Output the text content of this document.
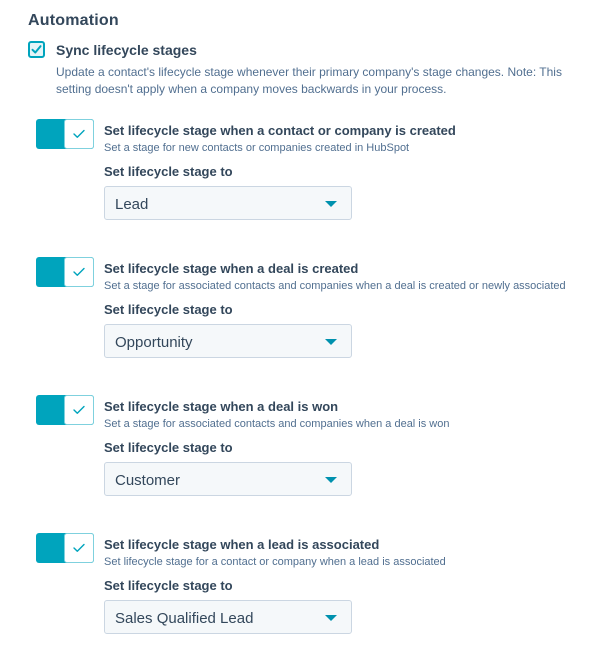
Automation
Sync lifecycle stages
Update a contact's lifecycle stage whenever their primary company's stage changes. Note: This setting doesn't apply when a company moves backwards in your process.
Set lifecycle stage when a contact or company is created
Set a stage for new contacts or companies created in HubSpot
Set lifecycle stage to
Lead
Set lifecycle stage when a deal is created
Set a stage for associated contacts and companies when a deal is created or newly associated
Set lifecycle stage to
Opportunity
Set lifecycle stage when a deal is won
Set a stage for associated contacts and companies when a deal is won
Set lifecycle stage to
Customer
Set lifecycle stage when a lead is associated
Set lifecycle stage for a contact or company when a lead is associated
Set lifecycle stage to
Sales Qualified Lead
